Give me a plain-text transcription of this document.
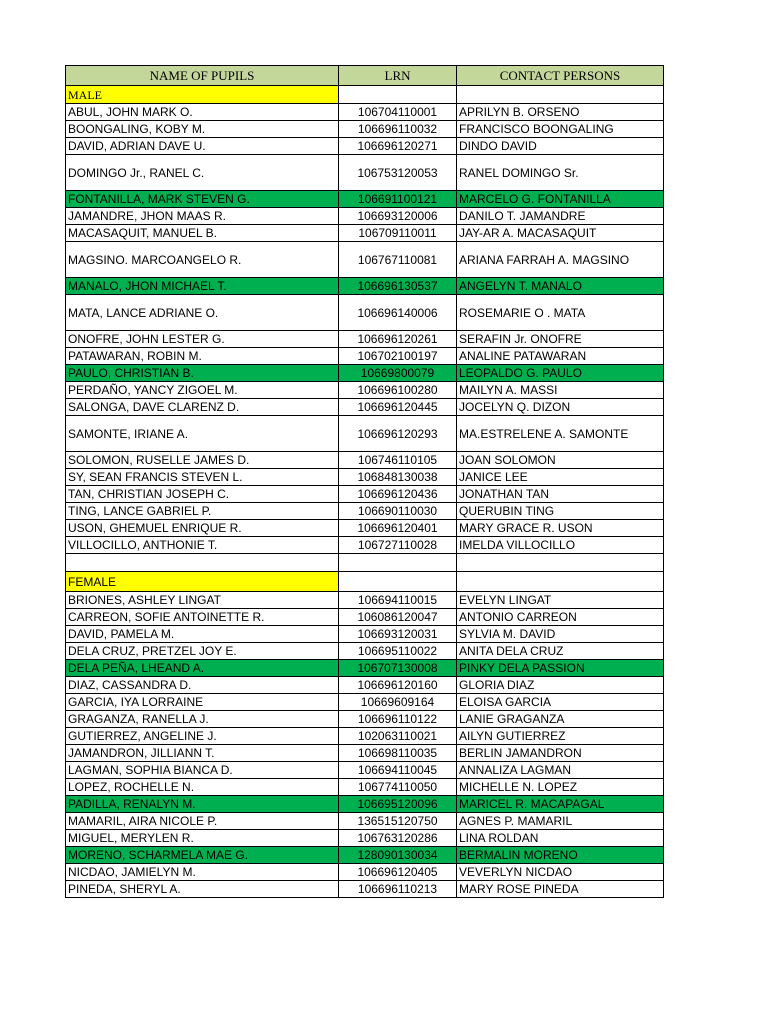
NAME OF PUPILS	LRN	CONTACT PERSONS
MALE		
ABUL, JOHN MARK O.	106704110001	APRILYN B. ORSENO
BOONGALING, KOBY M.	106696110032	FRANCISCO BOONGALING
DAVID, ADRIAN DAVE U.	106696120271	DINDO DAVID
DOMINGO Jr., RANEL C.	106753120053	RANEL DOMINGO Sr.
FONTANILLA, MARK STEVEN G.	106691100121	MARCELO G. FONTANILLA
JAMANDRE, JHON MAAS R.	106693120006	DANILO T. JAMANDRE
MACASAQUIT, MANUEL B.	106709110011	JAY-AR A. MACASAQUIT
MAGSINO. MARCOANGELO R.	106767110081	ARIANA FARRAH A. MAGSINO
MANALO, JHON MICHAEL T.	106696130537	ANGELYN T. MANALO
MATA, LANCE ADRIANE O.	106696140006	ROSEMARIE O . MATA
ONOFRE, JOHN LESTER G.	106696120261	SERAFIN Jr. ONOFRE
PATAWARAN, ROBIN M.	106702100197	ANALINE PATAWARAN
PAULO, CHRISTIAN B.	10669800079	LEOPALDO G. PAULO
PERDAÑO, YANCY ZIGOEL M.	106696100280	MAILYN A. MASSI
SALONGA, DAVE CLARENZ D.	106696120445	JOCELYN Q. DIZON
SAMONTE, IRIANE A.	106696120293	MA.ESTRELENE A. SAMONTE
SOLOMON, RUSELLE JAMES D.	106746110105	JOAN SOLOMON
SY, SEAN FRANCIS STEVEN L.	106848130038	JANICE LEE
TAN, CHRISTIAN JOSEPH C.	106696120436	JONATHAN TAN
TING, LANCE GABRIEL P.	106690110030	QUERUBIN TING
USON, GHEMUEL ENRIQUE R.	106696120401	MARY GRACE R. USON
VILLOCILLO, ANTHONIE T.	106727110028	IMELDA VILLOCILLO

FEMALE		
BRIONES, ASHLEY LINGAT	106694110015	EVELYN LINGAT
CARREON, SOFIE ANTOINETTE R.	106086120047	ANTONIO CARREON
DAVID, PAMELA M.	106693120031	SYLVIA M. DAVID
DELA CRUZ, PRETZEL JOY E.	106695110022	ANITA DELA CRUZ
DELA PEÑA, LHEAND A.	106707130008	PINKY DELA PASSION
DIAZ, CASSANDRA D.	106696120160	GLORIA DIAZ
GARCIA, IYA LORRAINE	10669609164	ELOISA GARCIA
GRAGANZA, RANELLA J.	106696110122	LANIE GRAGANZA
GUTIERREZ, ANGELINE J.	102063110021	AILYN GUTIERREZ
JAMANDRON, JILLIANN T.	106698110035	BERLIN JAMANDRON
LAGMAN, SOPHIA BIANCA D.	106694110045	ANNALIZA LAGMAN
LOPEZ, ROCHELLE N.	106774110050	MICHELLE N. LOPEZ
PADILLA, RENALYN M.	106695120096	MARICEL R. MACAPAGAL
MAMARIL, AIRA NICOLE P.	136515120750	AGNES P. MAMARIL
MIGUEL, MERYLEN R.	106763120286	LINA ROLDAN
MORENO, SCHARMELA MAE G.	128090130034	BERMALIN MORENO
NICDAO, JAMIELYN M.	106696120405	VEVERLYN NICDAO
PINEDA, SHERYL A.	106696110213	MARY ROSE PINEDA
